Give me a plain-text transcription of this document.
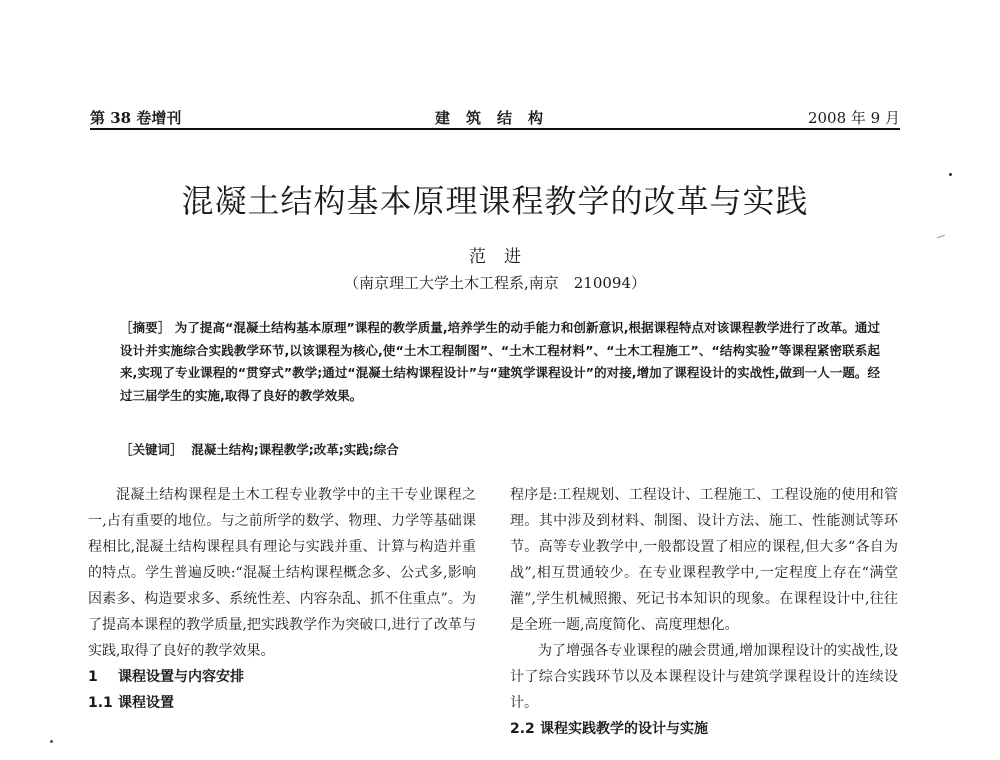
第 38 卷增刊	建筑结构	2008 年 9 月
混凝土结构基本原理课程教学的改革与实践
范进
（南京理工大学土木工程系,南京　210094）

［摘要］ 为了提高“混凝土结构基本原理”课程的教学质量,培养学生的动手能力和创新意识,根据课程特点对该课程教学进行了改革。通过设计并实施综合实践教学环节,以该课程为核心,使“土木工程制图”、“土木工程材料”、“土木工程施工”、“结构实验”等课程紧密联系起来,实现了专业课程的“贯穿式”教学;通过“混凝土结构课程设计”与“建筑学课程设计”的对接,增加了课程设计的实战性,做到一人一题。经过三届学生的实施,取得了良好的教学效果。

［关键词］ 混凝土结构;课程教学;改革;实践;综合

混凝土结构课程是土木工程专业教学中的主干专业课程之一,占有重要的地位。与之前所学的数学、物理、力学等基础课程相比,混凝土结构课程具有理论与实践并重、计算与构造并重的特点。学生普遍反映:“混凝土结构课程概念多、公式多,影响因素多、构造要求多、系统性差、内容杂乱、抓不住重点”。为了提高本课程的教学质量,把实践教学作为突破口,进行了改革与实践,取得了良好的教学效果。

1 课程设置与内容安排
1.1 课程设置

程序是:工程规划、工程设计、工程施工、工程设施的使用和管理。其中涉及到材料、制图、设计方法、施工、性能测试等环节。高等专业教学中,一般都设置了相应的课程,但大多“各自为战”,相互贯通较少。在专业课程教学中,一定程度上存在“满堂灌”,学生机械照搬、死记书本知识的现象。在课程设计中,往往是全班一题,高度简化、高度理想化。

为了增强各专业课程的融会贯通,增加课程设计的实战性,设计了综合实践环节以及本课程设计与建筑学课程设计的连续设计。

2.2 课程实践教学的设计与实施
